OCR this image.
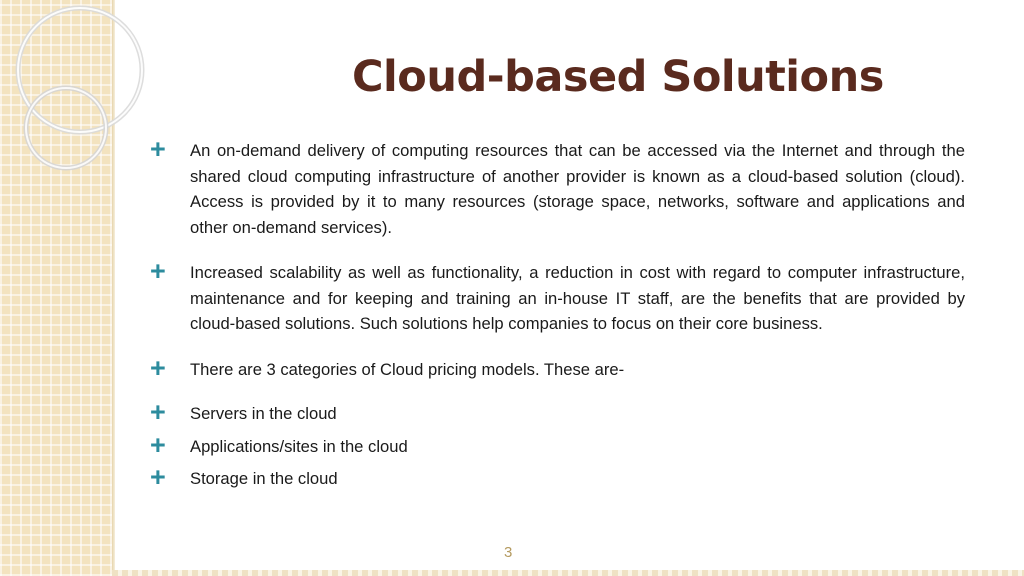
Cloud-based Solutions
+ An on-demand delivery of computing resources that can be accessed via the Internet and through the shared cloud computing infrastructure of another provider is known as a cloud-based solution (cloud). Access is provided by it to many resources (storage space, networks, software and applications and other on-demand services).
+ Increased scalability as well as functionality, a reduction in cost with regard to computer infrastructure, maintenance and for keeping and training an in-house IT staff, are the benefits that are provided by cloud-based solutions. Such solutions help companies to focus on their core business.
+ There are 3 categories of Cloud pricing models. These are-
+ Servers in the cloud
+ Applications/sites in the cloud
+ Storage in the cloud
3
